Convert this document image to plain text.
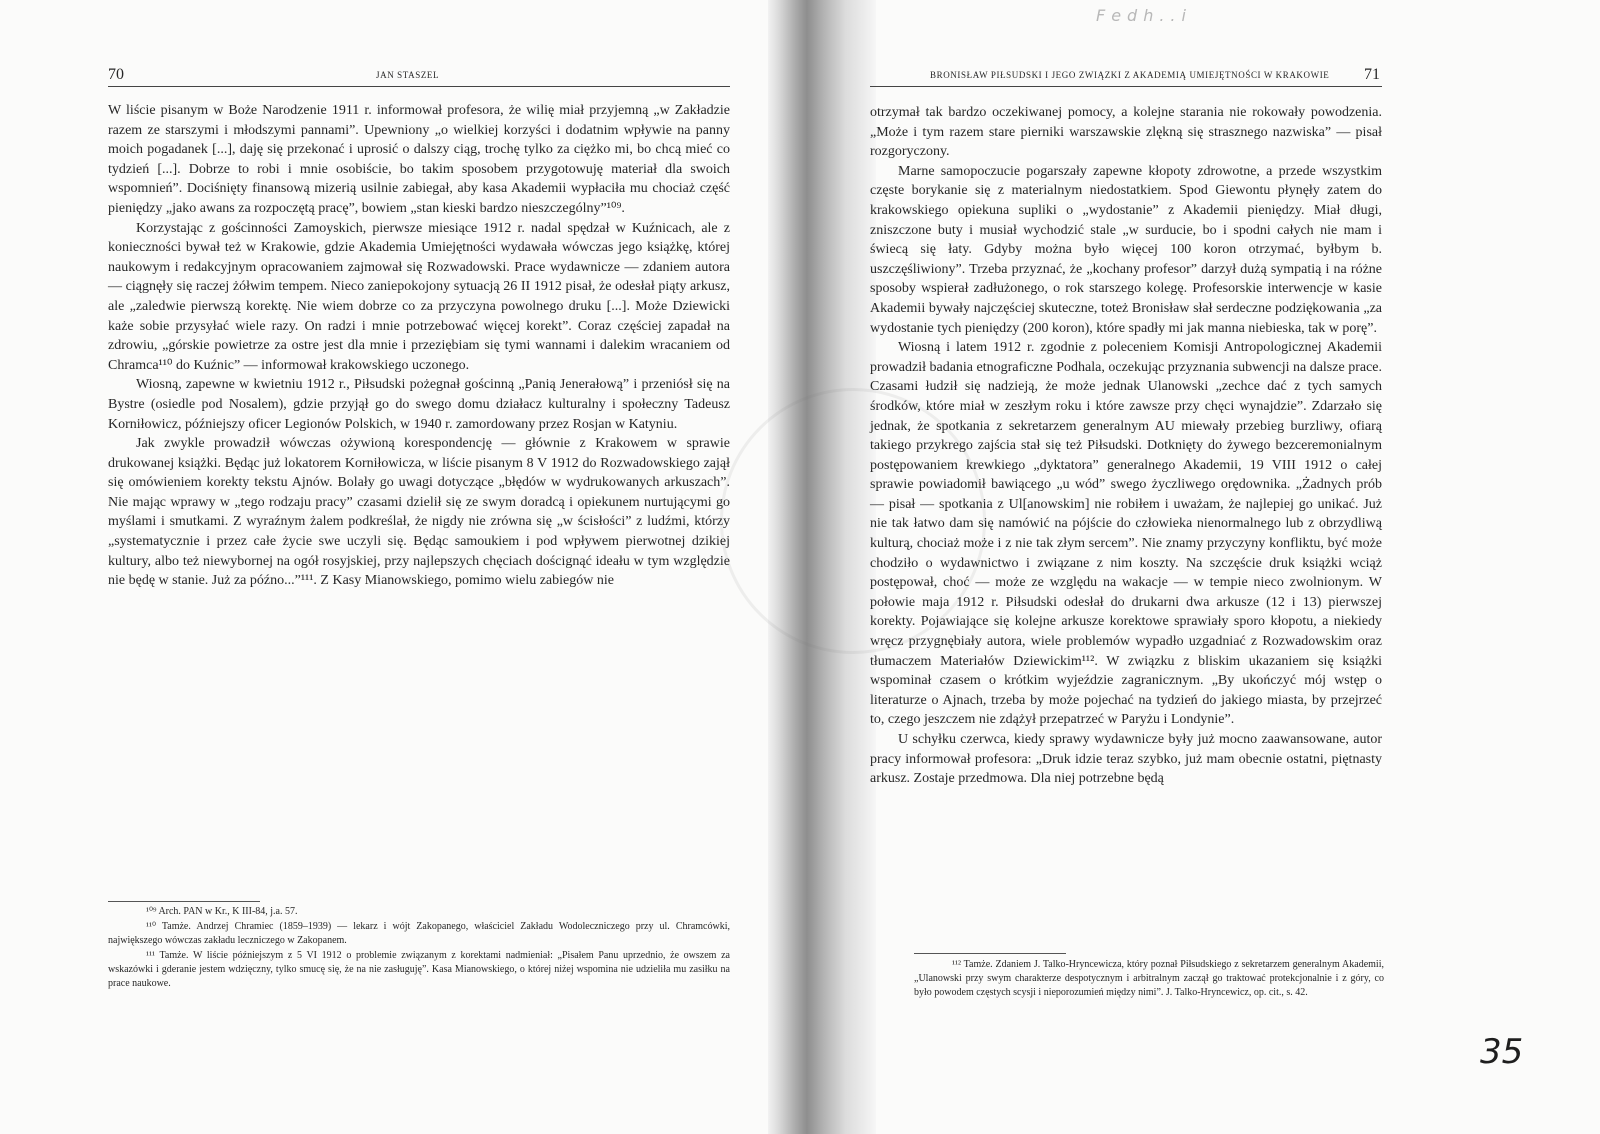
Fedh..i
70	JAN STASZEL

W liście pisanym w Boże Narodzenie 1911 r. informował profesora, że wilię miał przyjemną „w Zakładzie razem ze starszymi i młodszymi pannami”. Upewniony „o wielkiej korzyści i dodatnim wpływie na panny moich pogadanek [...], daję się przekonać i uprosić o dalszy ciąg, trochę tylko za ciężko mi, bo chcą mieć co tydzień [...]. Dobrze to robi i mnie osobiście, bo takim sposobem przygotowuję materiał dla swoich wspomnień”. Dociśnięty finansową mizerią usilnie zabiegał, aby kasa Akademii wypłaciła mu chociaż część pieniędzy „jako awans za rozpoczętą pracę”, bowiem „stan kieski bardzo nieszczególny”¹⁰⁹.

Korzystając z gościnności Zamoyskich, pierwsze miesiące 1912 r. nadal spędzał w Kuźnicach, ale z konieczności bywał też w Krakowie, gdzie Akademia Umiejętności wydawała wówczas jego książkę, której naukowym i redakcyjnym opracowaniem zajmował się Rozwadowski. Prace wydawnicze — zdaniem autora — ciągnęły się raczej żółwim tempem. Nieco zaniepokojony sytuacją 26 II 1912 pisał, że odesłał piąty arkusz, ale „zaledwie pierwszą korektę. Nie wiem dobrze co za przyczyna powolnego druku [...]. Może Dziewicki każe sobie przysyłać wiele razy. On radzi i mnie potrzebować więcej korekt”. Coraz częściej zapadał na zdrowiu, „górskie powietrze za ostre jest dla mnie i przeziębiam się tymi wannami i dalekim wracaniem od Chramca¹¹⁰ do Kuźnic” — informował krakowskiego uczonego.

Wiosną, zapewne w kwietniu 1912 r., Piłsudski pożegnał gościnną „Panią Jenerałową” i przeniósł się na Bystre (osiedle pod Nosalem), gdzie przyjął go do swego domu działacz kulturalny i społeczny Tadeusz Korniłowicz, późniejszy oficer Legionów Polskich, w 1940 r. zamordowany przez Rosjan w Katyniu.

Jak zwykle prowadził wówczas ożywioną korespondencję — głównie z Krakowem w sprawie drukowanej książki. Będąc już lokatorem Korniłowicza, w liście pisanym 8 V 1912 do Rozwadowskiego zajął się omówieniem korekty tekstu Ajnów. Bolały go uwagi dotyczące „błędów w wydrukowanych arkuszach”. Nie mając wprawy w „tego rodzaju pracy” czasami dzielił się ze swym doradcą i opiekunem nurtującymi go myślami i smutkami. Z wyraźnym żalem podkreślał, że nigdy nie zrówna się „w ścisłości” z ludźmi, którzy „systematycznie i przez całe życie swe uczyli się. Będąc samoukiem i pod wpływem pierwotnej dzikiej kultury, albo też niewybornej na ogół rosyjskiej, przy najlepszych chęciach doścignąć ideału w tym względzie nie będę w stanie. Już za późno...”¹¹¹. Z Kasy Mianowskiego, pomimo wielu zabiegów nie

¹⁰⁹ Arch. PAN w Kr., K III-84, j.a. 57.

¹¹⁰ Tamże. Andrzej Chramiec (1859–1939) — lekarz i wójt Zakopanego, właściciel Zakładu Wodoleczniczego przy ul. Chramcówki, największego wówczas zakładu leczniczego w Zakopanem.

¹¹¹ Tamże. W liście późniejszym z 5 VI 1912 o problemie związanym z korektami nadmieniał: „Pisałem Panu uprzednio, że owszem za wskazówki i gderanie jestem wdzięczny, tylko smucę się, że na nie zasługuję”. Kasa Mianowskiego, o której niżej wspomina nie udzieliła mu zasiłku na prace naukowe.

BRONISŁAW PIŁSUDSKI I JEGO ZWIĄZKI Z AKADEMIĄ UMIEJĘTNOŚCI W KRAKOWIE 71

otrzymał tak bardzo oczekiwanej pomocy, a kolejne starania nie rokowały powodzenia. „Może i tym razem stare pierniki warszawskie zlękną się strasznego nazwiska” — pisał rozgoryczony.

Marne samopoczucie pogarszały zapewne kłopoty zdrowotne, a przede wszystkim częste borykanie się z materialnym niedostatkiem. Spod Giewontu płynęły zatem do krakowskiego opiekuna supliki o „wydostanie” z Akademii pieniędzy. Miał długi, zniszczone buty i musiał wychodzić stale „w surducie, bo i spodni całych nie mam i świecą się łaty. Gdyby można było więcej 100 koron otrzymać, byłbym b. uszczęśliwiony”. Trzeba przyznać, że „kochany profesor” darzył dużą sympatią i na różne sposoby wspierał zadłużonego, o rok starszego kolegę. Profesorskie interwencje w kasie Akademii bywały najczęściej skuteczne, toteż Bronisław słał serdeczne podziękowania „za wydostanie tych pieniędzy (200 koron), które spadły mi jak manna niebieska, tak w porę”.

Wiosną i latem 1912 r. zgodnie z poleceniem Komisji Antropologicznej Akademii prowadził badania etnograficzne Podhala, oczekując przyznania subwencji na dalsze prace. Czasami łudził się nadzieją, że może jednak Ulanowski „zechce dać z tych samych środków, które miał w zeszłym roku i które zawsze przy chęci wynajdzie”. Zdarzało się jednak, że spotkania z sekretarzem generalnym AU miewały przebieg burzliwy, ofiarą takiego przykrego zajścia stał się też Piłsudski. Dotknięty do żywego bezceremonialnym postępowaniem krewkiego „dyktatora” generalnego Akademii, 19 VIII 1912 o całej sprawie powiadomił bawiącego „u wód” swego życzliwego orędownika. „Żadnych prób — pisał — spotkania z Ul[anowskim] nie robiłem i uważam, że najlepiej go unikać. Już nie tak łatwo dam się namówić na pójście do człowieka nienormalnego lub z obrzydliwą kulturą, chociaż może i z nie tak złym sercem”. Nie znamy przyczyny konfliktu, być może chodziło o wydawnictwo i związane z nim koszty. Na szczęście druk książki wciąż postępował, choć — może ze względu na wakacje — w tempie nieco zwolnionym. W połowie maja 1912 r. Piłsudski odesłał do drukarni dwa arkusze (12 i 13) pierwszej korekty. Pojawiające się kolejne arkusze korektowe sprawiały sporo kłopotu, a niekiedy wręcz przygnębiały autora, wiele problemów wypadło uzgadniać z Rozwadowskim oraz tłumaczem Materiałów Dziewickim¹¹². W związku z bliskim ukazaniem się książki wspominał czasem o krótkim wyjeździe zagranicznym. „By ukończyć mój wstęp o literaturze o Ajnach, trzeba by może pojechać na tydzień do jakiego miasta, by przejrzeć to, czego jeszczem nie zdążył przepatrzeć w Paryżu i Londynie”.

U schyłku czerwca, kiedy sprawy wydawnicze były już mocno zaawansowane, autor pracy informował profesora: „Druk idzie teraz szybko, już mam obecnie ostatni, piętnasty arkusz. Zostaje przedmowa. Dla niej potrzebne będą

¹¹² Tamże. Zdaniem J. Talko-Hryncewicza, który poznał Piłsudskiego z sekretarzem generalnym Akademii, „Ulanowski przy swym charakterze despotycznym i arbitralnym zaczął go traktować protekcjonalnie i z góry, co było powodem częstych scysji i nieporozumień między nimi”. J. Talko-Hryncewicz, op. cit., s. 42.

35
